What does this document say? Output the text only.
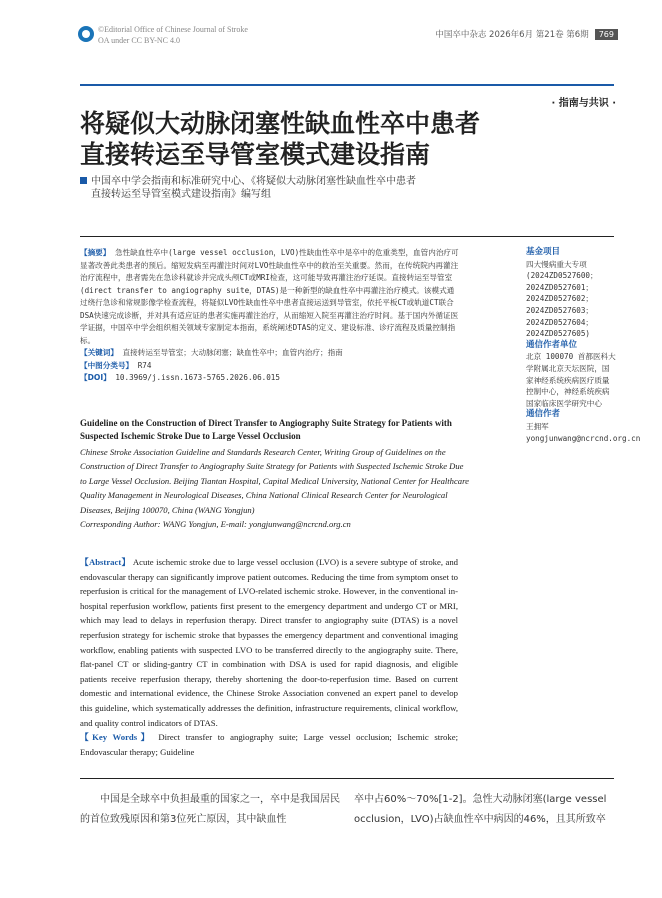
©Editorial Office of Chinese Journal of Stroke
OA under CC BY-NC 4.0
中国卒中杂志 2026年6月 第21卷 第6期	769
· 指南与共识 ·
将疑似大动脉闭塞性缺血性卒中患者
直接转运至导管室模式建设指南
中国卒中学会指南和标准研究中心、《将疑似大动脉闭塞性缺血性卒中患者
直接转运至导管室模式建设指南》编写组
【摘要】 急性缺血性卒中(large vessel occlusion，LVO)性缺血性卒中是卒中的危重类型，血管内治疗可显著改善此类患者的预后。缩短发病至再灌注时间对LVO性缺血性卒中的救治至关重要。然而，在传统院内再灌注治疗流程中，患者需先在急诊科就诊并完成头颅CT或MRI检查，这可能导致再灌注治疗延误。直接转运至导管室(direct transfer to angiography suite，DTAS)是一种新型的缺血性卒中再灌注治疗模式。该模式通过绕行急诊和常规影像学检查流程，将疑似LVO性缺血性卒中患者直接运送到导管室，依托平板CT或轨道CT联合DSA快速完成诊断，并对具有适应证的患者实施再灌注治疗，从而缩短入院至再灌注治疗时间。基于国内外循证医学证据，中国卒中学会组织相关领域专家制定本指南，系统阐述DTAS的定义、建设标准、诊疗流程及质量控制指标。
【关键词】 直接转运至导管室；大动脉闭塞；缺血性卒中；血管内治疗；指南
【中图分类号】 R74
【DOI】 10.3969/j.issn.1673-5765.2026.06.015
基金项目
四大慢病重大专项(2024ZD0527600；2024ZD0527601；2024ZD0527602；2024ZD0527603；2024ZD0527604；2024ZD0527605)
通信作者单位
北京 100070 首都医科大学附属北京天坛医院，国家神经系统疾病医疗质量控制中心，神经系统疾病国家临床医学研究中心
通信作者
王拥军 yongjunwang@ncrcnd.org.cn
Guideline on the Construction of Direct Transfer to Angiography Suite Strategy for Patients with Suspected Ischemic Stroke Due to Large Vessel Occlusion
Chinese Stroke Association Guideline and Standards Research Center, Writing Group of Guidelines on the Construction of Direct Transfer to Angiography Suite Strategy for Patients with Suspected Ischemic Stroke Due to Large Vessel Occlusion. Beijing Tiantan Hospital, Capital Medical University, National Center for Healthcare Quality Management in Neurological Diseases, China National Clinical Research Center for Neurological Diseases, Beijing 100070, China (WANG Yongjun)
Corresponding Author: WANG Yongjun, E-mail: yongjunwang@ncrcnd.org.cn
【Abstract】 Acute ischemic stroke due to large vessel occlusion (LVO) is a severe subtype of stroke, and endovascular therapy can significantly improve patient outcomes. Reducing the time from symptom onset to reperfusion is critical for the management of LVO-related ischemic stroke. However, in the conventional in-hospital reperfusion workflow, patients first present to the emergency department and undergo CT or MRI, which may lead to delays in reperfusion therapy. Direct transfer to angiography suite (DTAS) is a novel reperfusion strategy for ischemic stroke that bypasses the emergency department and conventional imaging workflow, enabling patients with suspected LVO to be transferred directly to the angiography suite. There, flat-panel CT or sliding-gantry CT in combination with DSA is used for rapid diagnosis, and eligible patients receive reperfusion therapy, thereby shortening the door-to-reperfusion time. Based on current domestic and international evidence, the Chinese Stroke Association convened an expert panel to develop this guideline, which systematically addresses the definition, infrastructure requirements, clinical workflow, and quality control indicators of DTAS.
【Key Words】 Direct transfer to angiography suite; Large vessel occlusion; Ischemic stroke; Endovascular therapy; Guideline
中国是全球卒中负担最重的国家之一，卒中是我国居民的首位致残原因和第3位死亡原因，其中缺血性
卒中占60%～70%[1-2]。急性大动脉闭塞(large vessel occlusion，LVO)占缺血性卒中病因的46%，且其所致卒
